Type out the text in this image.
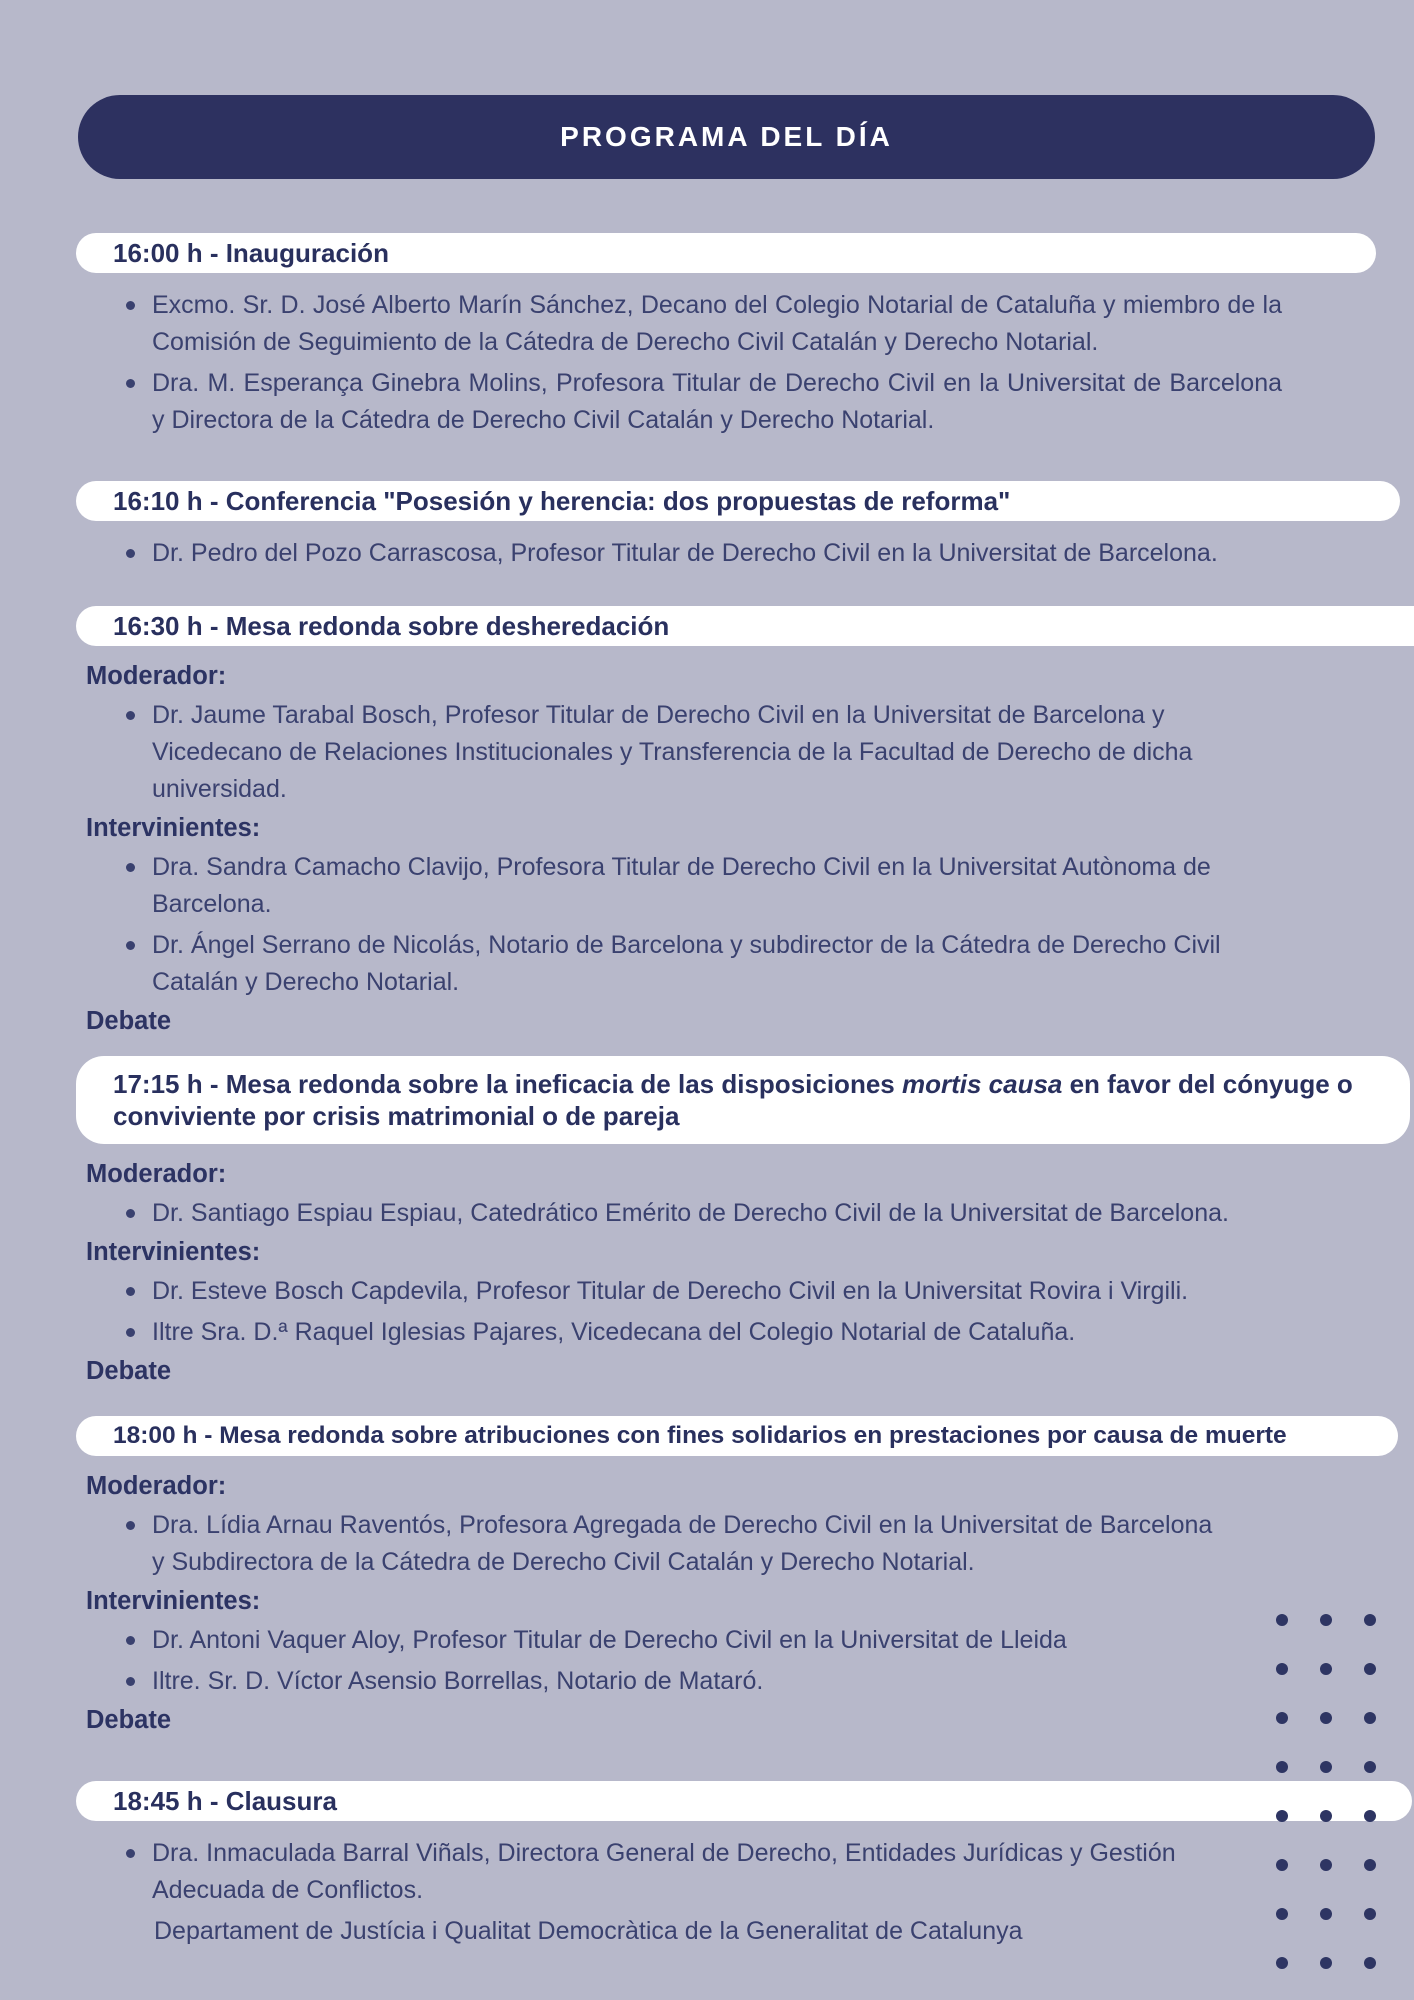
PROGRAMA DEL DÍA
16:00 h - Inauguración
Excmo. Sr. D. José Alberto Marín Sánchez, Decano del Colegio Notarial de Cataluña y miembro de la Comisión de Seguimiento de la Cátedra de Derecho Civil Catalán y Derecho Notarial.
Dra. M. Esperança Ginebra Molins, Profesora Titular de Derecho Civil en la Universitat de Barcelona y Directora de la Cátedra de Derecho Civil Catalán y Derecho Notarial.
16:10 h - Conferencia "Posesión y herencia: dos propuestas de reforma"
Dr. Pedro del Pozo Carrascosa, Profesor Titular de Derecho Civil en la Universitat de Barcelona.
16:30 h - Mesa redonda sobre desheredación
Moderador:
Dr. Jaume Tarabal Bosch, Profesor Titular de Derecho Civil en la Universitat de Barcelona y Vicedecano de Relaciones Institucionales y Transferencia de la Facultad de Derecho de dicha universidad.
Intervinientes:
Dra. Sandra Camacho Clavijo, Profesora Titular de Derecho Civil en la Universitat Autònoma de Barcelona.
Dr. Ángel Serrano de Nicolás, Notario de Barcelona y subdirector de la Cátedra de Derecho Civil Catalán y Derecho Notarial.
Debate
17:15 h - Mesa redonda sobre la ineficacia de las disposiciones mortis causa en favor del cónyuge o conviviente por crisis matrimonial o de pareja
Moderador:
Dr. Santiago Espiau Espiau, Catedrático Emérito de Derecho Civil de la Universitat de Barcelona.
Intervinientes:
Dr. Esteve Bosch Capdevila, Profesor Titular de Derecho Civil en la Universitat Rovira i Virgili.
Iltre Sra. D.ª Raquel Iglesias Pajares, Vicedecana del Colegio Notarial de Cataluña.
Debate
18:00 h - Mesa redonda sobre atribuciones con fines solidarios en prestaciones por causa de muerte
Moderador:
Dra. Lídia Arnau Raventós, Profesora Agregada de Derecho Civil en la Universitat de Barcelona y Subdirectora de la Cátedra de Derecho Civil Catalán y Derecho Notarial.
Intervinientes:
Dr. Antoni Vaquer Aloy, Profesor Titular de Derecho Civil en la Universitat de Lleida
Iltre. Sr. D. Víctor Asensio Borrellas, Notario de Mataró.
Debate
18:45 h - Clausura
Dra. Inmaculada Barral Viñals, Directora General de Derecho, Entidades Jurídicas y Gestión Adecuada de Conflictos.
Departament de Justícia i Qualitat Democràtica de la Generalitat de Catalunya
